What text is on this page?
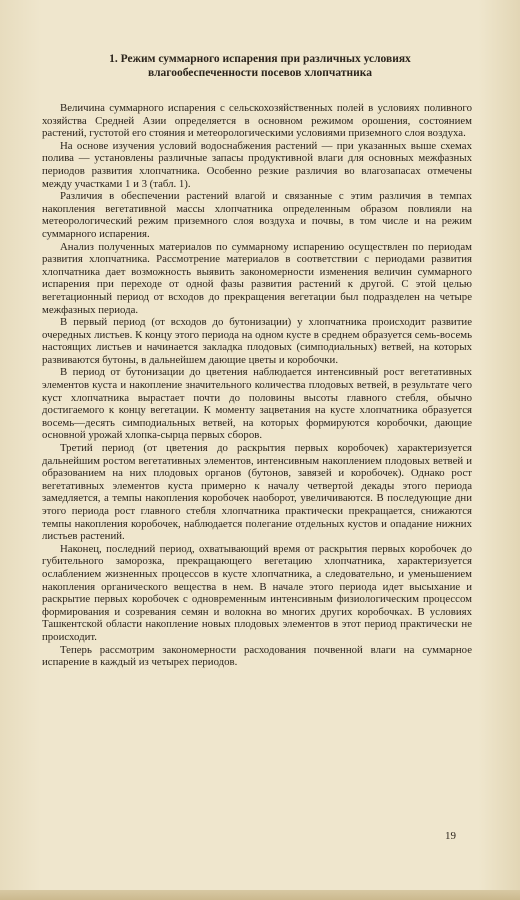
1. Режим суммарного испарения при различных условиях
влагообеспеченности посевов хлопчатника

Величина суммарного испарения с сельскохозяйственных полей в условиях поливного хозяйства Средней Азии определяется в основном режимом орошения, состоянием растений, густотой его стояния и метеорологическими условиями приземного слоя воздуха.

На основе изучения условий водоснабжения растений — при указанных выше схемах полива — установлены различные запасы продуктивной влаги для основных межфазных периодов развития хлопчатника. Особенно резкие различия во влагозапасах отмечены между участками 1 и 3 (табл. 1).

Различия в обеспечении растений влагой и связанные с этим различия в темпах накопления вегетативной массы хлопчатника определенным образом повлияли на метеорологический режим приземного слоя воздуха и почвы, в том числе и на режим суммарного испарения.

Анализ полученных материалов по суммарному испарению осуществлен по периодам развития хлопчатника. Рассмотрение материалов в соответствии с периодами развития хлопчатника дает возможность выявить закономерности изменения величин суммарного испарения при переходе от одной фазы развития растений к другой. С этой целью вегетационный период от всходов до прекращения вегетации был подразделен на четыре межфазных периода.

В первый период (от всходов до бутонизации) у хлопчатника происходит развитие очередных листьев. К концу этого периода на одном кусте в среднем образуется семь-восемь настоящих листьев и начинается закладка плодовых (симподиальных) ветвей, на которых развиваются бутоны, в дальнейшем дающие цветы и коробочки.

В период от бутонизации до цветения наблюдается интенсивный рост вегетативных элементов куста и накопление значительного количества плодовых ветвей, в результате чего куст хлопчатника вырастает почти до половины высоты главного стебля, обычно достигаемого к концу вегетации. К моменту зацветания на кусте хлопчатника образуется восемь—десять симподиальных ветвей, на которых формируются коробочки, дающие основной урожай хлопка-сырца первых сборов.

Третий период (от цветения до раскрытия первых коробочек) характеризуется дальнейшим ростом вегетативных элементов, интенсивным накоплением плодовых ветвей и образованием на них плодовых органов (бутонов, завязей и коробочек). Однако рост вегетативных элементов куста примерно к началу четвертой декады этого периода замедляется, а темпы накопления коробочек наоборот, увеличиваются. В последующие дни этого периода рост главного стебля хлопчатника практически прекращается, снижаются темпы накопления коробочек, наблюдается полегание отдельных кустов и опадание нижних листьев растений.

Наконец, последний период, охватывающий время от раскрытия первых коробочек до губительного заморозка, прекращающего вегетацию хлопчатника, характеризуется ослаблением жизненных процессов в кусте хлопчатника, а следовательно, и уменьшением накопления органического вещества в нем. В начале этого периода идет высыхание и раскрытие первых коробочек с одновременным интенсивным физиологическим процессом формирования и созревания семян и волокна во многих других коробочках. В условиях Ташкентской области накопление новых плодовых элементов в этот период практически не происходит.

Теперь рассмотрим закономерности расходования почвенной влаги на суммарное испарение в каждый из четырех периодов.

19
